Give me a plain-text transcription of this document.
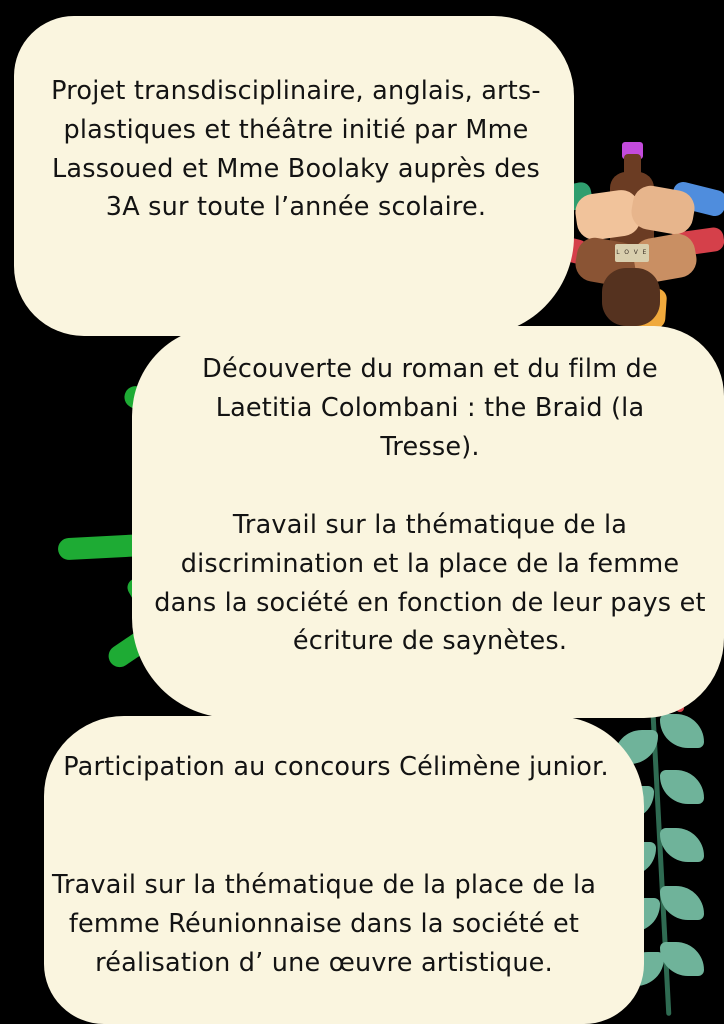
L O V E
Projet transdisciplinaire, anglais, arts-plastiques et théâtre initié par Mme Lassoued et Mme Boolaky auprès des 3A sur toute l’année scolaire.
Découverte du roman et du film de Laetitia Colombani : the Braid (la Tresse).
Travail sur la thématique de la discrimination et la place de la femme dans la société en fonction de leur pays et écriture de saynètes.
Participation au concours Célimène junior.
Travail sur la thématique de la place de la femme Réunionnaise dans la société et réalisation d’ une œuvre artistique.
